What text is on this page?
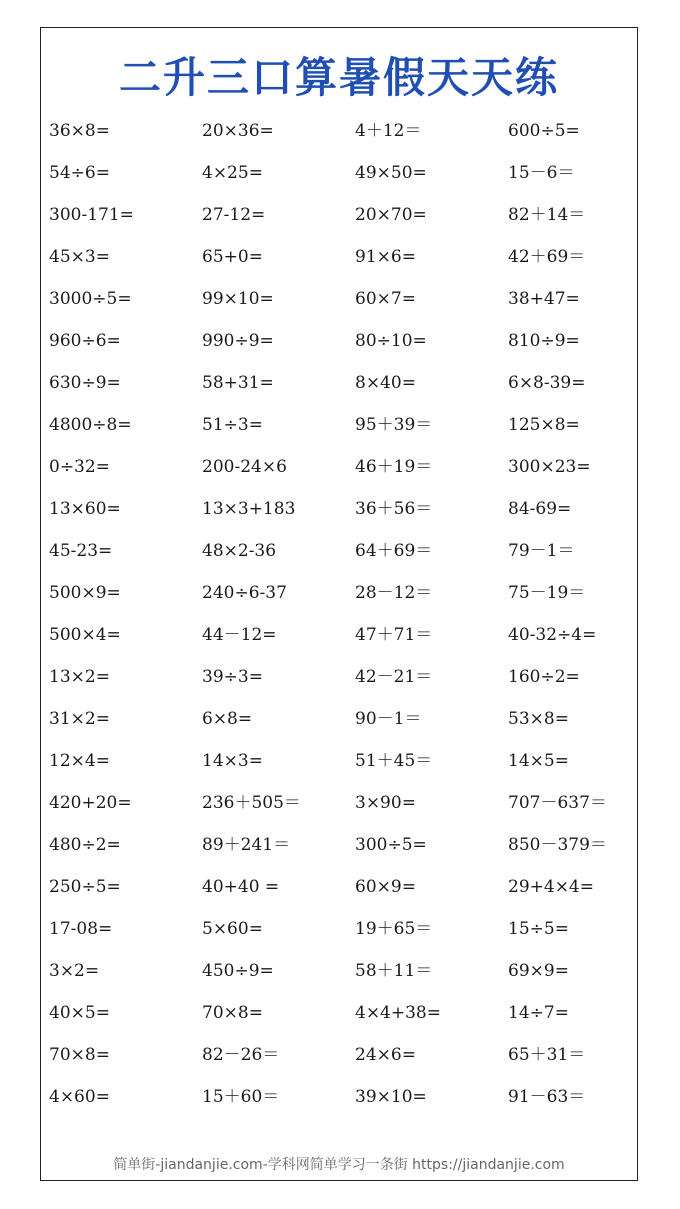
二升三口算暑假天天练
36×8=	20×36=	4＋12＝	600÷5=
54÷6=	4×25=	49×50=	15－6＝
300-171=	27-12=	20×70=	82＋14＝
45×3=	65+0=	91×6=	42＋69＝
3000÷5=	99×10=	60×7=	38+47=
960÷6=	990÷9=	80÷10=	810÷9=
630÷9=	58+31=	8×40=	6×8-39=
4800÷8=	51÷3=	95＋39＝	125×8=
0÷32=	200-24×6	46＋19＝	300×23=
13×60=	13×3+183	36＋56＝	84-69=
45-23=	48×2-36	64＋69＝	79－1＝
500×9=	240÷6-37	28－12＝	75－19＝
500×4=	44－12=	47＋71＝	40-32÷4=
13×2=	39÷3=	42－21＝	160÷2=
31×2=	6×8=	90－1＝	53×8=
12×4=	14×3=	51＋45＝	14×5=
420+20=	236＋505＝	3×90=	707－637＝
480÷2=	89＋241＝	300÷5=	850－379＝
250÷5=	40+40 =	60×9=	29+4×4=
17-08=	5×60=	19＋65＝	15÷5=
3×2=	450÷9=	58＋11＝	69×9=
40×5=	70×8=	4×4+38=	14÷7=
70×8=	82－26＝	24×6=	65＋31＝
4×60=	15＋60＝	39×10=	91－63＝
简单街-jiandanjie.com-学科网简单学习一条街 https://jiandanjie.com
